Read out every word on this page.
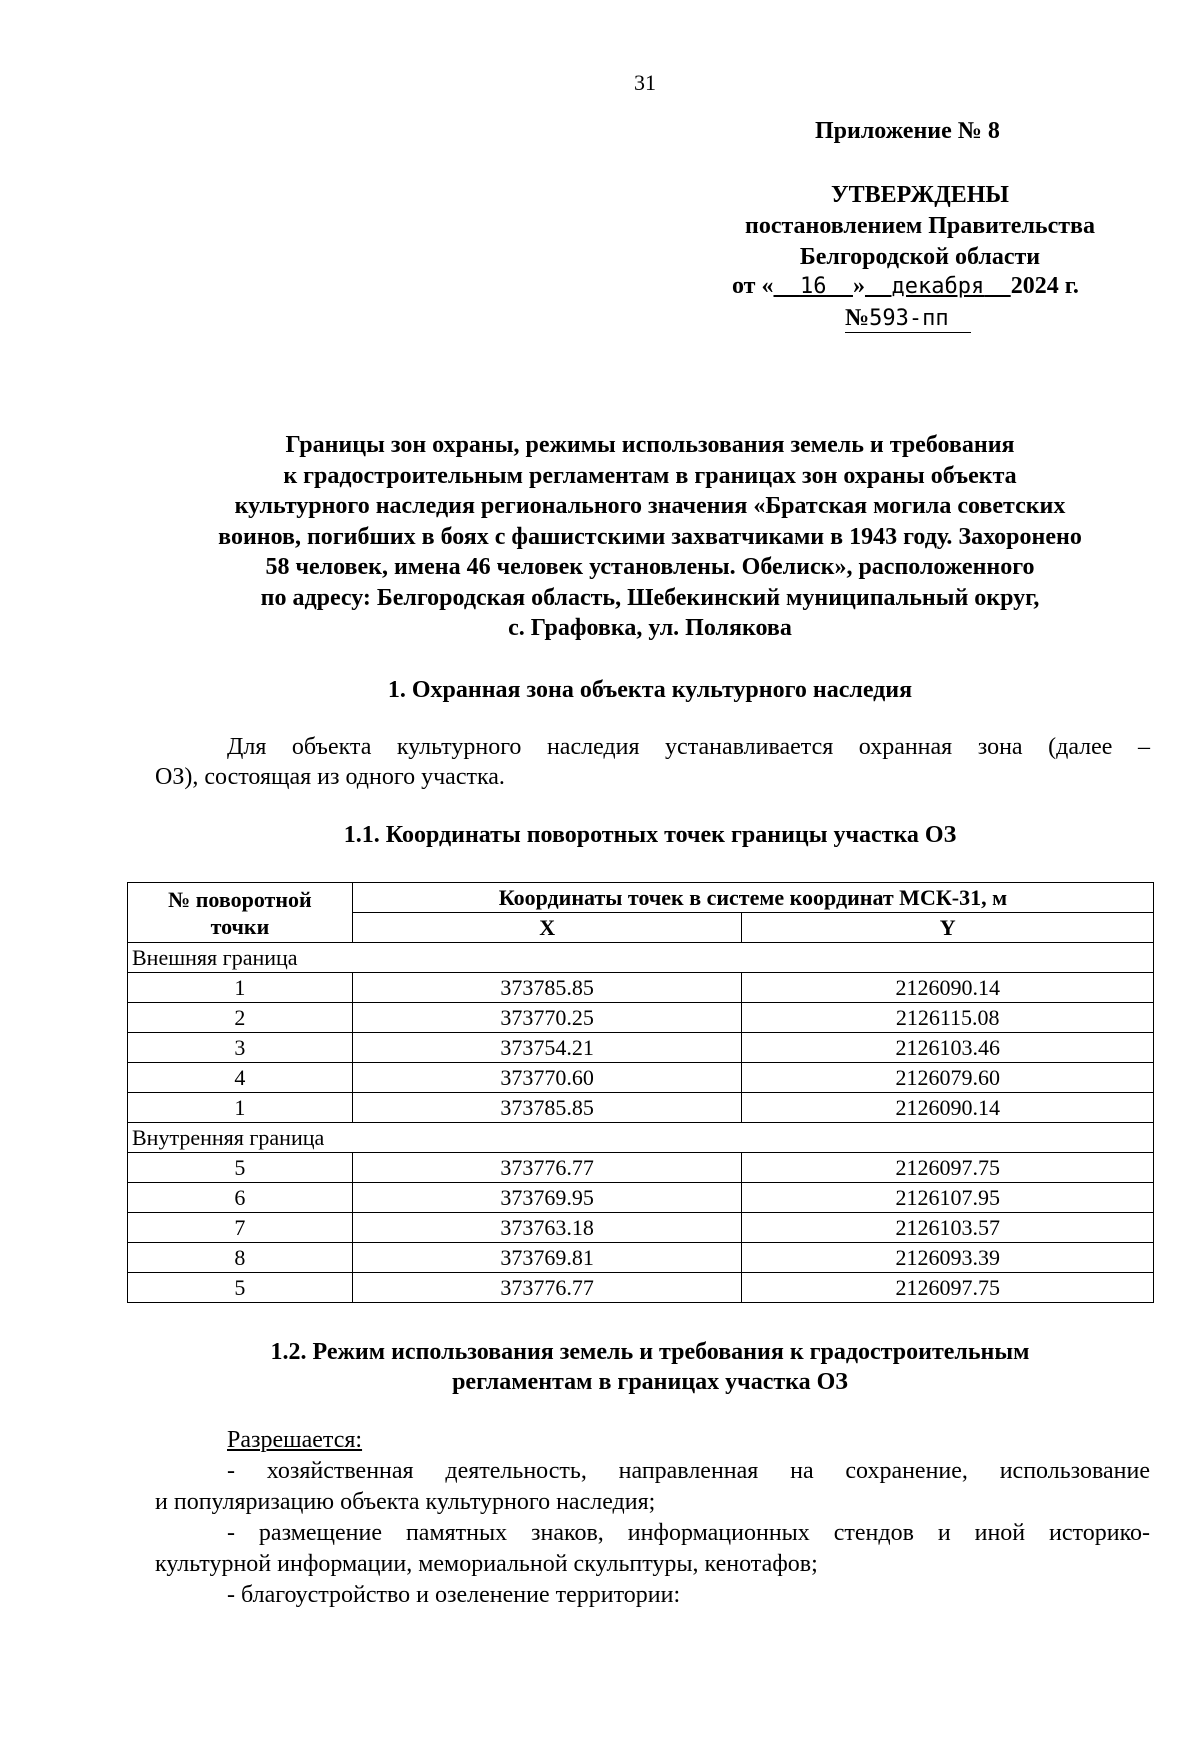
31
Приложение № 8
УТВЕРЖДЕНЫ
постановлением Правительства
Белгородской области
от « 16 » декабря 2024 г.
№593-пп
Границы зон охраны, режимы использования земель и требования
к градостроительным регламентам в границах зон охраны объекта
культурного наследия регионального значения «Братская могила советских
воинов, погибших в боях с фашистскими захватчиками в 1943 году. Захоронено
58 человек, имена 46 человек установлены. Обелиск», расположенного
по адресу: Белгородская область, Шебекинский муниципальный округ,
с. Графовка, ул. Полякова
1. Охранная зона объекта культурного наследия
Для объекта культурного наследия устанавливается охранная зона (далее –
ОЗ), состоящая из одного участка.
1.1. Координаты поворотных точек границы участка ОЗ
№ поворотной
точки	Координаты точек в системе координат МСК-31, м	
	X	Y
Внешняя граница		
1	373785.85	2126090.14
2	373770.25	2126115.08
3	373754.21	2126103.46
4	373770.60	2126079.60
1	373785.85	2126090.14
Внутренняя граница		
5	373776.77	2126097.75
6	373769.95	2126107.95
7	373763.18	2126103.57
8	373769.81	2126093.39
5	373776.77	2126097.75
1.2. Режим использования земель и требования к градостроительным
регламентам в границах участка ОЗ
Разрешается:
- хозяйственная деятельность, направленная на сохранение, использование
и популяризацию объекта культурного наследия;
- размещение памятных знаков, информационных стендов и иной историко-
культурной информации, мемориальной скульптуры, кенотафов;
- благоустройство и озеленение территории:
